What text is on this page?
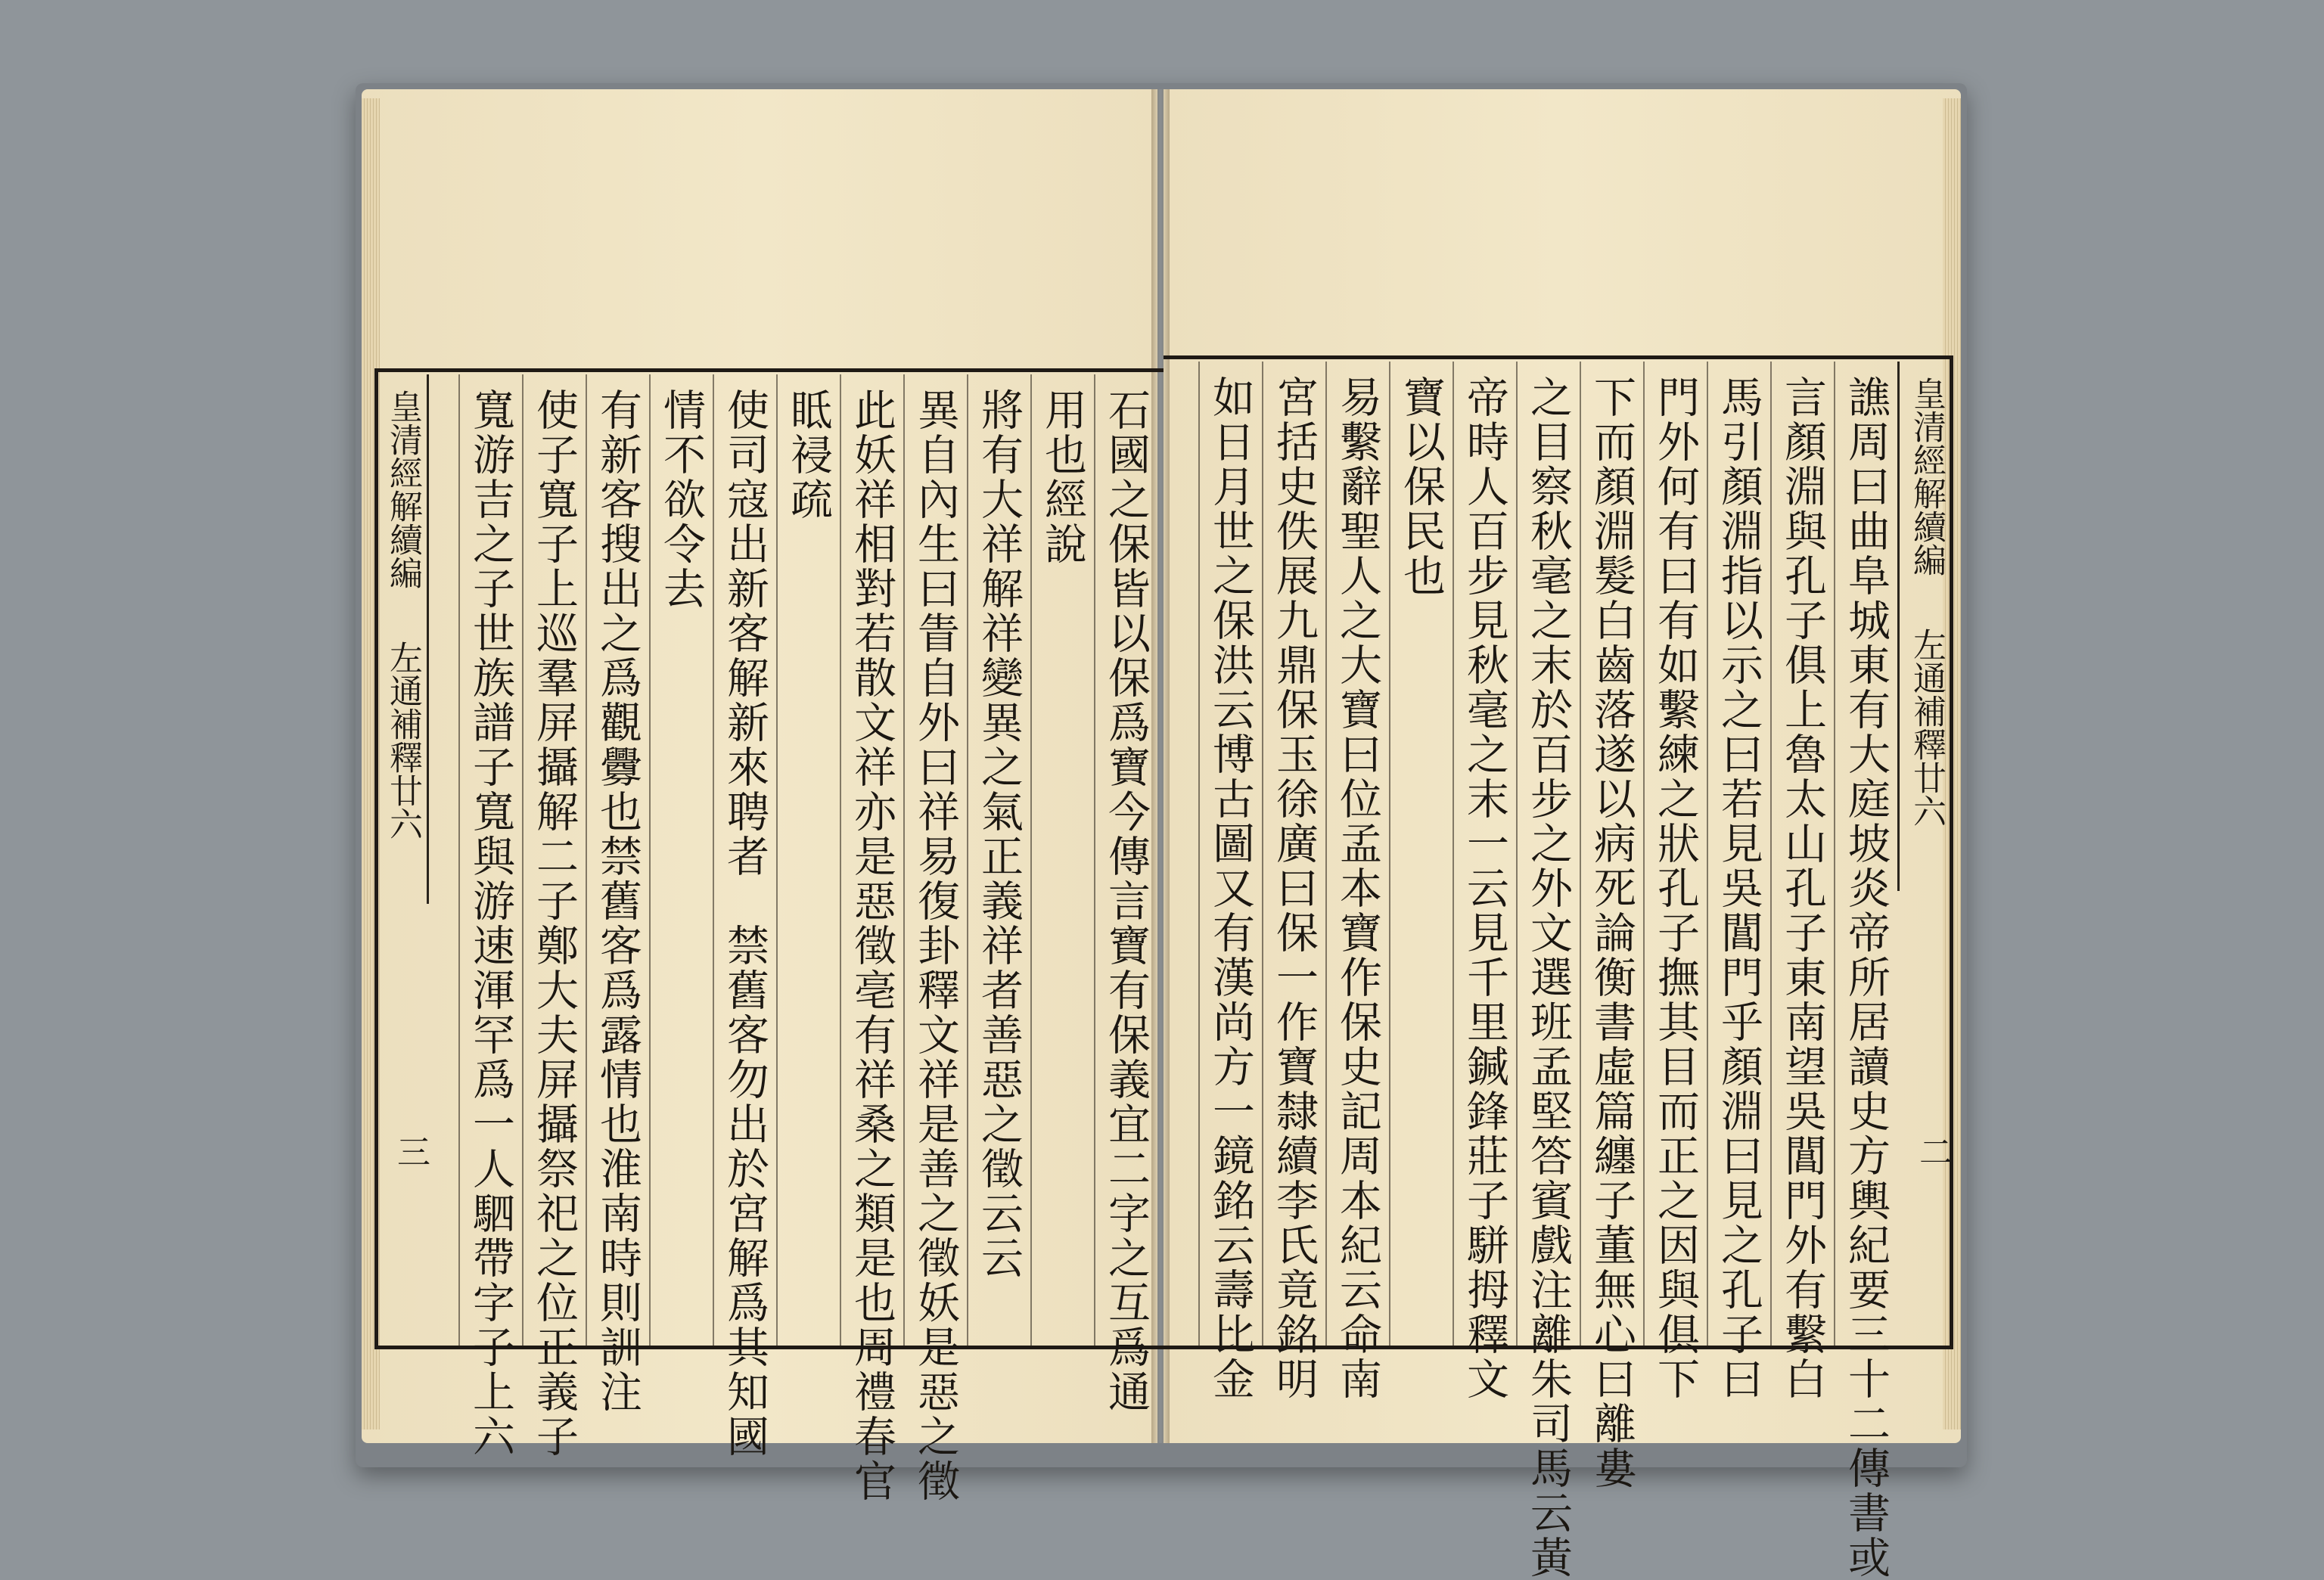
皇清經解續編  左通補釋廿六
三	石國之保皆以保爲寶今傳言寶有保義宜二字之互爲通
用也經說
將有大祥解祥變異之氣正義祥者善惡之徵云云
異自內生曰眚自外曰祥易復卦釋文祥是善之徵妖是惡之徵
此妖祥相對若散文祥亦是惡徵亳有祥桑之類是也周禮春官
眡祲疏
使司寇出新客解新來聘者　禁舊客勿出於宮解爲其知國
情不欲令去
有新客搜出之爲觀釁也禁舊客爲露情也淮南時則訓注
使子寬子上巡羣屏攝解二子鄭大夫屏攝祭祀之位正義子
寬游吉之子世族譜子寬與游速渾罕爲一人駟帶字子上六	皇清經解續編  左通補釋廿六
二
譙周曰曲阜城東有大庭坡炎帝所居讀史方輿紀要三十二傳書或
言顏淵與孔子俱上魯太山孔子東南望吳閶門外有繫白
馬引顏淵指以示之曰若見吳閶門乎顏淵曰見之孔子曰
門外何有曰有如繫練之狀孔子撫其目而正之因與俱下
下而顏淵髮白齒落遂以病死論衡書虛篇纏子董無心曰離婁
之目察秋毫之末於百步之外文選班孟堅答賓戲注離朱司馬云黃
帝時人百步見秋毫之末一云見千里鍼鋒莊子駢拇釋文
寶以保民也
易繫辭聖人之大寶曰位孟本寶作保史記周本紀云命南
宮括史佚展九鼎保玉徐廣曰保一作寶隸續李氏竟銘明
如日月世之保洪云博古圖又有漢尚方一鏡銘云壽比金
